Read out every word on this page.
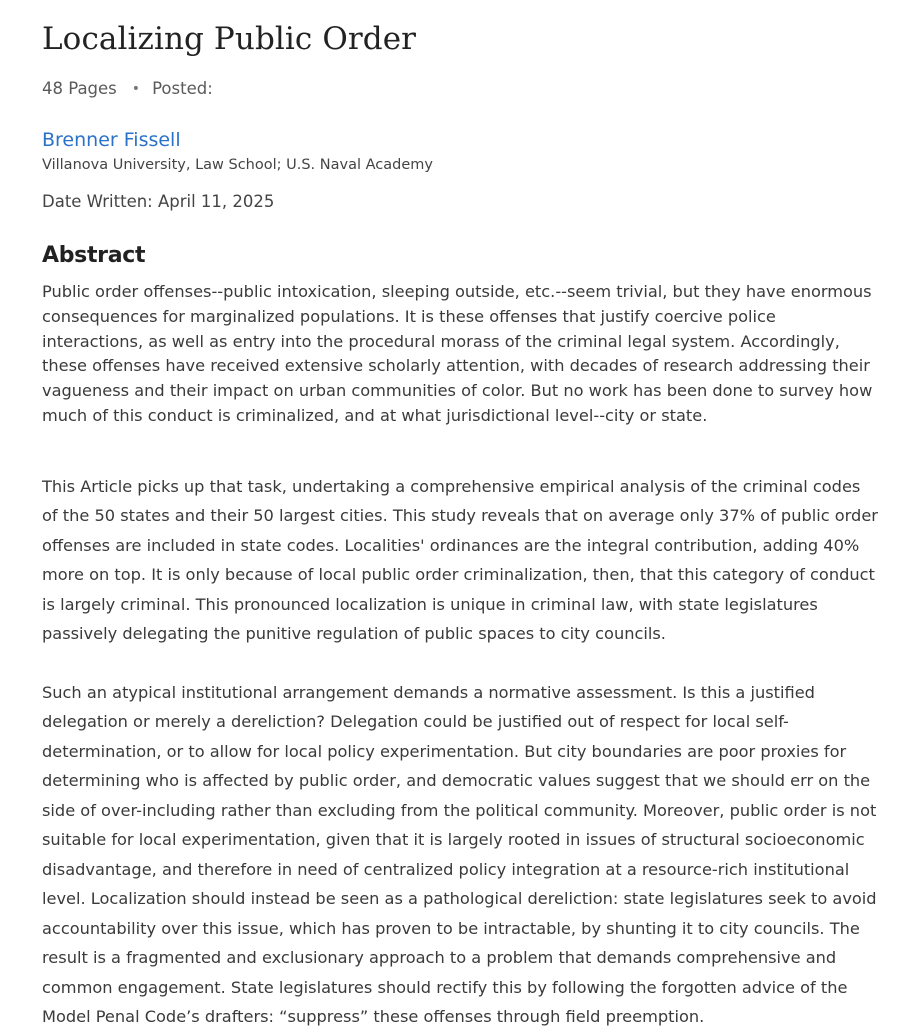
Localizing Public Order
48 Pages • Posted:
Brenner Fissell
Villanova University, Law School; U.S. Naval Academy
Date Written: April 11, 2025
Abstract

Public order offenses--public intoxication, sleeping outside, etc.--seem trivial, but they have enormous consequences for marginalized populations. It is these offenses that justify coercive police interactions, as well as entry into the procedural morass of the criminal legal system. Accordingly, these offenses have received extensive scholarly attention, with decades of research addressing their vagueness and their impact on urban communities of color. But no work has been done to survey how much of this conduct is criminalized, and at what jurisdictional level--city or state.

This Article picks up that task, undertaking a comprehensive empirical analysis of the criminal codes of the 50 states and their 50 largest cities. This study reveals that on average only 37% of public order offenses are included in state codes. Localities' ordinances are the integral contribution, adding 40% more on top. It is only because of local public order criminalization, then, that this category of conduct is largely criminal. This pronounced localization is unique in criminal law, with state legislatures passively delegating the punitive regulation of public spaces to city councils.

Such an atypical institutional arrangement demands a normative assessment. Is this a justified delegation or merely a dereliction? Delegation could be justified out of respect for local self-determination, or to allow for local policy experimentation. But city boundaries are poor proxies for determining who is affected by public order, and democratic values suggest that we should err on the side of over-including rather than excluding from the political community. Moreover, public order is not suitable for local experimentation, given that it is largely rooted in issues of structural socioeconomic disadvantage, and therefore in need of centralized policy integration at a resource-rich institutional level. Localization should instead be seen as a pathological dereliction: state legislatures seek to avoid accountability over this issue, which has proven to be intractable, by shunting it to city councils. The result is a fragmented and exclusionary approach to a problem that demands comprehensive and common engagement. State legislatures should rectify this by following the forgotten advice of the Model Penal Code’s drafters: “suppress” these offenses through field preemption.
